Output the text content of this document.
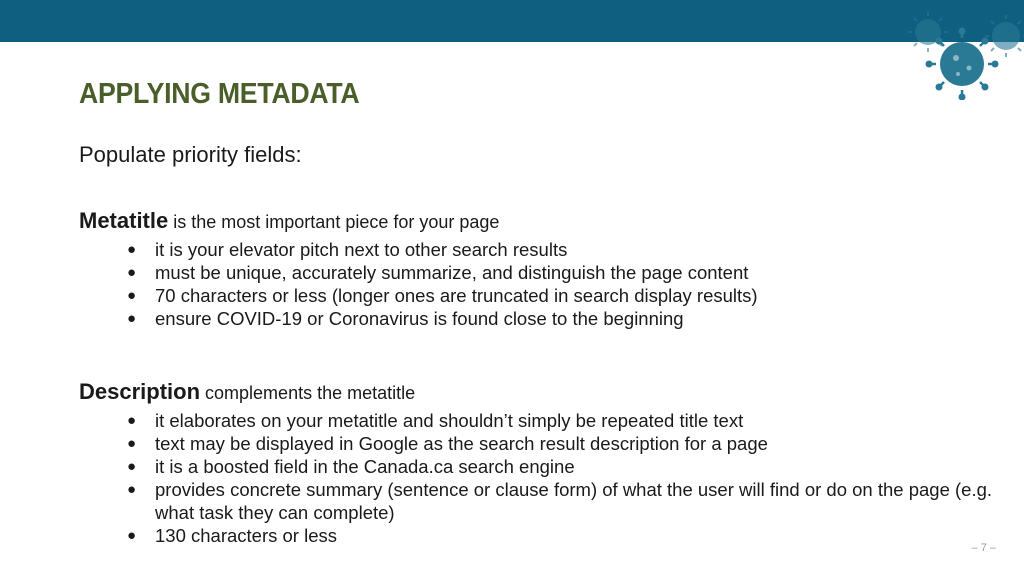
APPLYING METADATA
Populate priority fields:
Metatitle is the most important piece for your page
● it is your elevator pitch next to other search results
● must be unique, accurately summarize, and distinguish the page content
● 70 characters or less (longer ones are truncated in search display results)
● ensure COVID-19 or Coronavirus is found close to the beginning
Description complements the metatitle
● it elaborates on your metatitle and shouldn’t simply be repeated title text
● text may be displayed in Google as the search result description for a page
● it is a boosted field in the Canada.ca search engine
● provides concrete summary (sentence or clause form) of what the user will find or do on the page (e.g. what task they can complete)
● 130 characters or less
– 7 –
